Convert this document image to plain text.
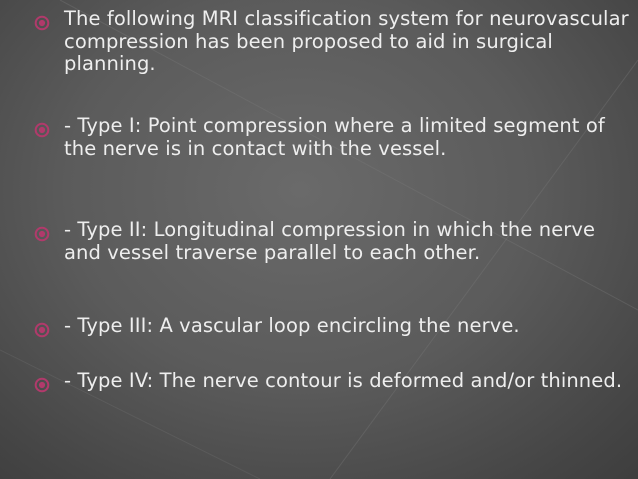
The following MRI classification system for neurovascular compression has been proposed to aid in surgical planning.
- Type I: Point compression where a limited segment of the nerve is in contact with the vessel.
- Type II: Longitudinal compression in which the nerve and vessel traverse parallel to each other.
- Type III: A vascular loop encircling the nerve.
- Type IV: The nerve contour is deformed and/or thinned.
